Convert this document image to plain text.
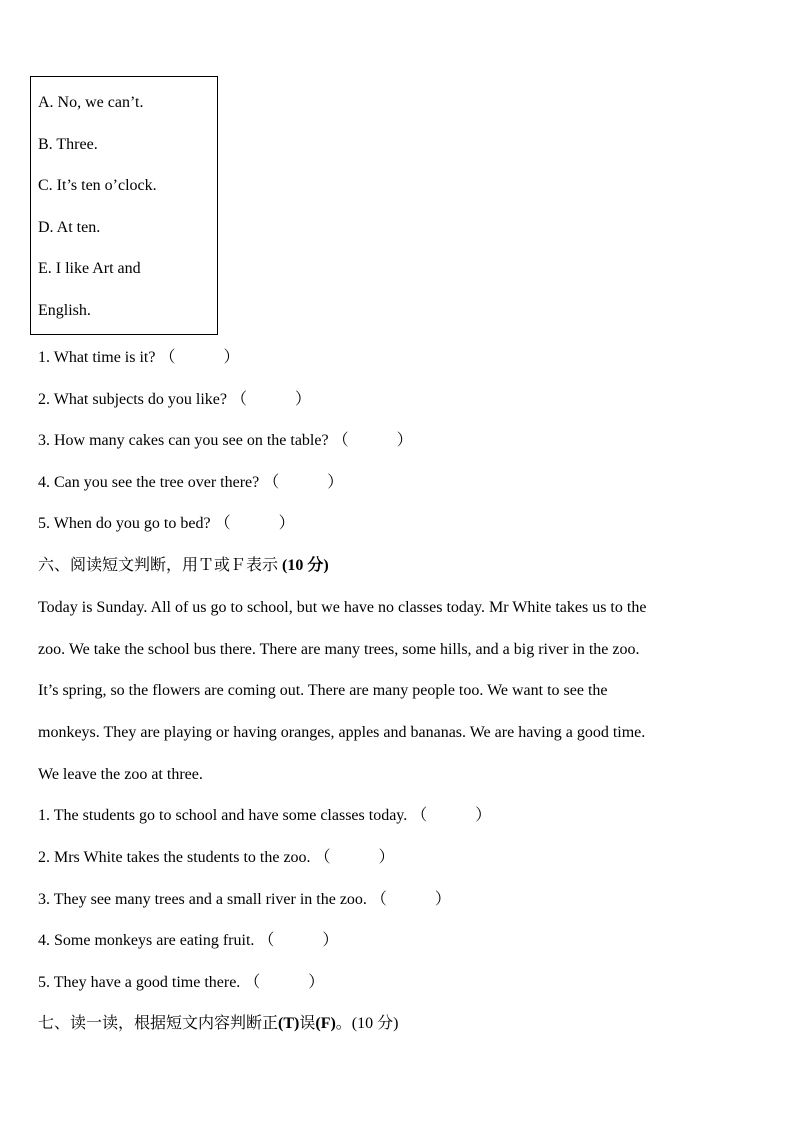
A. No, we can’t.
B. Three.
C. It’s ten o’clock.
D. At ten.
E. I like Art and
English.
1. What time is it? （　　　）
2. What subjects do you like? （　　　）
3. How many cakes can you see on the table? （　　　）
4. Can you see the tree over there? （　　　）
5. When do you go to bed? （　　　）
六、阅读短文判断，用Ｔ或Ｆ表示 (10 分)
Today is Sunday. All of us go to school, but we have no classes today. Mr White takes us to the
zoo. We take the school bus there. There are many trees, some hills, and a big river in the zoo.
It’s spring, so the flowers are coming out. There are many people too. We want to see the
monkeys. They are playing or having oranges, apples and bananas. We are having a good time.
We leave the zoo at three.
1. The students go to school and have some classes today. （　　　）
2. Mrs White takes the students to the zoo. （　　　）
3. They see many trees and a small river in the zoo. （　　　）
4. Some monkeys are eating fruit. （　　　）
5. They have a good time there. （　　　）
七、读一读，根据短文内容判断正(T)误(F)。(10 分)
